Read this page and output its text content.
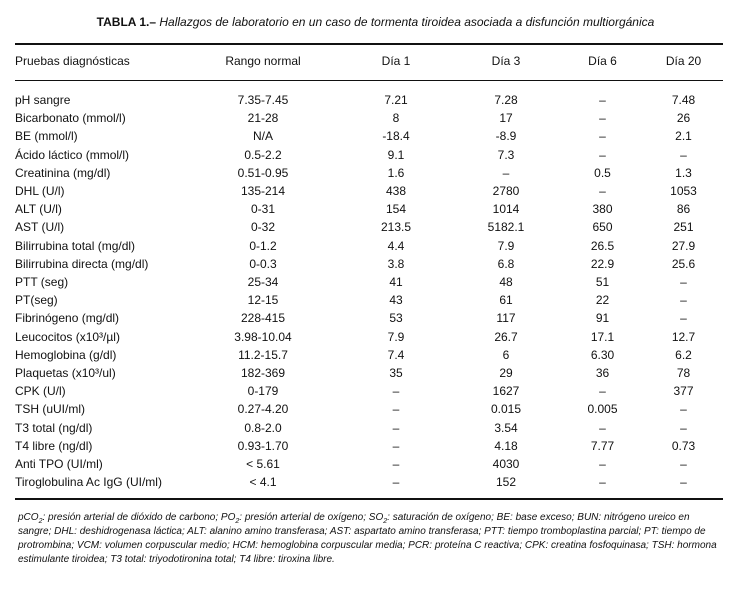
TABLA 1.– Hallazgos de laboratorio en un caso de tormenta tiroidea asociada a disfunción multiorgánica
Pruebas diagnósticas	Rango normal	Día 1	Día 3	Día 6	Día 20
pH sangre	7.35-7.45	7.21	7.28	–	7.48
Bicarbonato (mmol/l)	21-28	8	17	–	26
BE (mmol/l)	N/A	-18.4	-8.9	–	2.1
Ácido láctico (mmol/l)	0.5-2.2	9.1	7.3	–	–
Creatinina (mg/dl)	0.51-0.95	1.6	–	0.5	1.3
DHL (U/l)	135-214	438	2780	–	1053
ALT (U/l)	0-31	154	1014	380	86
AST (U/l)	0-32	213.5	5182.1	650	251
Bilirrubina total (mg/dl)	0-1.2	4.4	7.9	26.5	27.9
Bilirrubina directa (mg/dl)	0-0.3	3.8	6.8	22.9	25.6
PTT (seg)	25-34	41	48	51	–
PT(seg)	12-15	43	61	22	–
Fibrinógeno (mg/dl)	228-415	53	117	91	–
Leucocitos (x10³/µl)	3.98-10.04	7.9	26.7	17.1	12.7
Hemoglobina (g/dl)	11.2-15.7	7.4	6	6.30	6.2
Plaquetas (x10³/ul)	182-369	35	29	36	78
CPK (U/l)	0-179	–	1627	–	377
TSH (uUI/ml)	0.27-4.20	–	0.015	0.005	–
T3 total (ng/dl)	0.8-2.0	–	3.54	–	–
T4 libre (ng/dl)	0.93-1.70	–	4.18	7.77	0.73
Anti TPO (UI/ml)	< 5.61	–	4030	–	–
Tiroglobulina Ac IgG (UI/ml)	< 4.1	–	152	–	–
pCO$_2$: presión arterial de dióxido de carbono; $PO_2$: presión arterial de oxígeno; $SO_2$: saturación de oxígeno; BE: base exceso; BUN: nitrógeno ureico en sangre; DHL: deshidrogenasa láctica; ALT: alanino amino transferasa; AST: aspartato amino transferasa; PTT: tiempo tromboplastina parcial; PT: tiempo de protrombina; VCM: volumen corpuscular medio; HCM: hemoglobina corpuscular media; PCR: proteína C reactiva; CPK: creatina fosfoquinasa; TSH: hormona estimulante tiroidea; T3 total: triyodotironina total; T4 libre: tiroxina libre.
